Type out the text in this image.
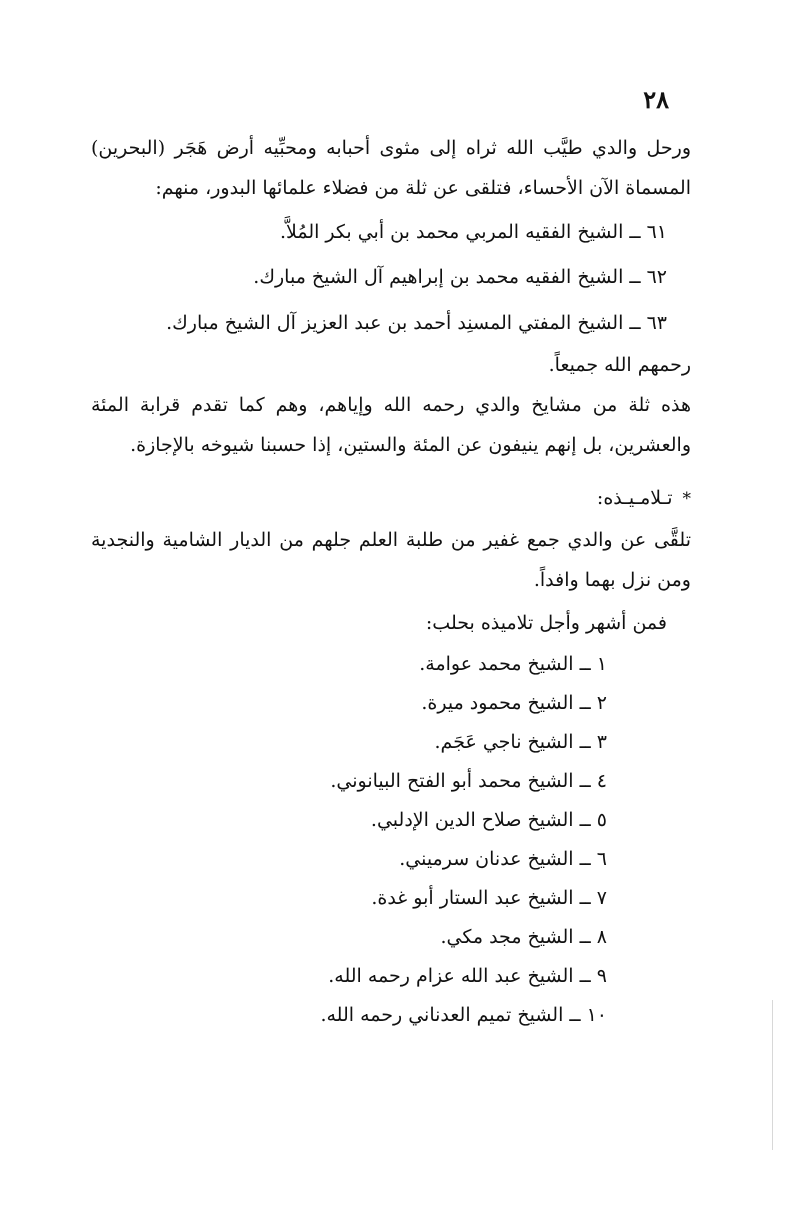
٢٨

ورحل والدي طيَّب الله ثراه إلى مثوى أحبابه ومحبِّيه أرض هَجَر (البحرين) المسماة الآن الأحساء، فتلقى عن ثلة من فضلاء علمائها البدور، منهم:

٦١ ــ الشيخ الفقيه المربي محمد بن أبي بكر المُلاَّ.
٦٢ ــ الشيخ الفقيه محمد بن إبراهيم آل الشيخ مبارك.
٦٣ ــ الشيخ المفتي المسنِد أحمد بن عبد العزيز آل الشيخ مبارك.
رحمهم الله جميعاً.

هذه ثلة من مشايخ والدي رحمه الله وإياهم، وهم كما تقدم قرابة المئة والعشرين، بل إنهم ينيفون عن المئة والستين، إذا حسبنا شيوخه بالإجازة.

*تـلامـيـذه:

تلقَّى عن والدي جمع غفير من طلبة العلم جلهم من الديار الشامية والنجدية ومن نزل بهما وافداً.

فمن أشهر وأجل تلاميذه بحلب:
١ ــ الشيخ محمد عوامة.
٢ ــ الشيخ محمود ميرة.
٣ ــ الشيخ ناجي عَجَم.
٤ ــ الشيخ محمد أبو الفتح البيانوني.
٥ ــ الشيخ صلاح الدين الإدلبي.
٦ ــ الشيخ عدنان سرميني.
٧ ــ الشيخ عبد الستار أبو غدة.
٨ ــ الشيخ مجد مكي.
٩ ــ الشيخ عبد الله عزام رحمه الله.
١٠ ــ الشيخ تميم العدناني رحمه الله.
